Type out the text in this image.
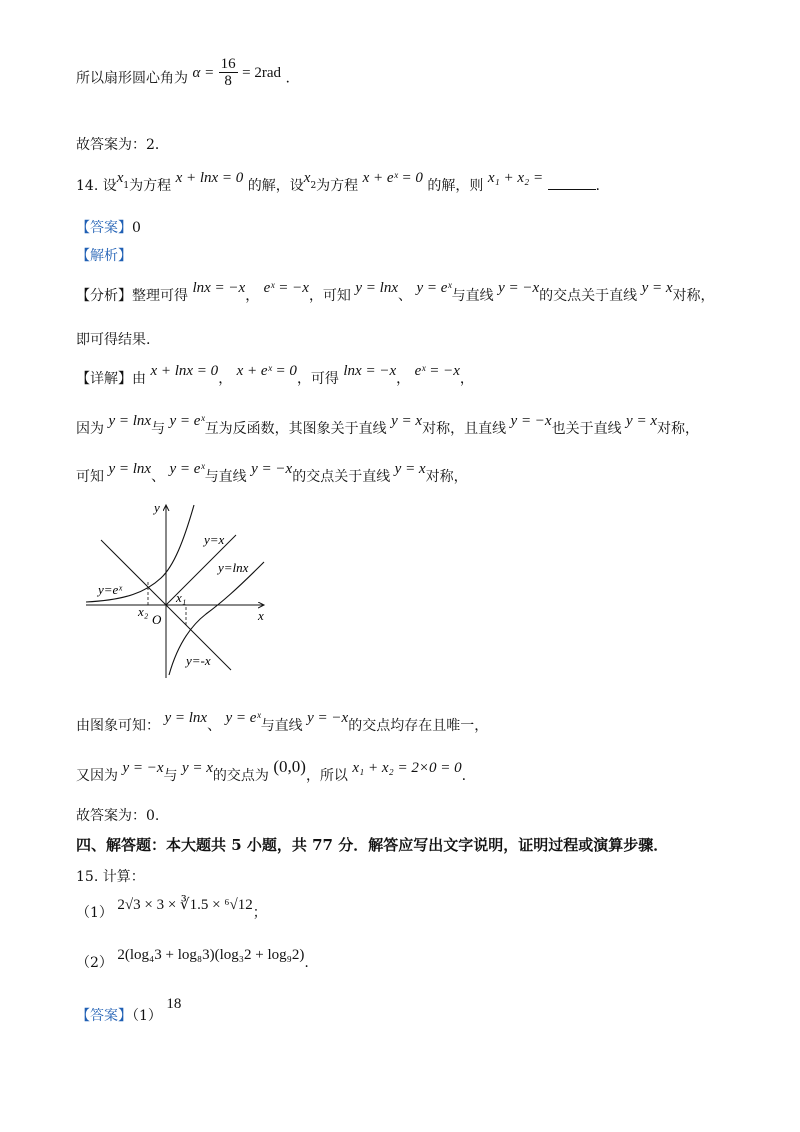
所以扇形圆心角为 $\alpha = \frac{16}{8} = 2rad$ .
故答案为：2．
14. 设$x_1$为方程 x + lnx = 0 的解，设$x_2$为方程 x + eˣ = 0 的解，则 x₁ + x₂ =	.
【答案】0
【解析】
【分析】整理可得 lnx = −x， eˣ = −x，可知 y = lnx、 y = eˣ与直线 y = −x的交点关于直线 y = x对称，
即可得结果.
【详解】由 x + lnx = 0， x + eˣ = 0，可得 lnx = −x， eˣ = −x，
因为 y = lnx与 y = eˣ互为反函数，其图象关于直线 y = x对称，且直线 y = −x也关于直线 y = x对称，
可知 y = lnx、 y = eˣ与直线 y = −x的交点关于直线 y = x对称，
y
x
O
y=x
y=lnx
y=eˣ
x₁
x₂
y=-x
由图象可知： y = lnx、 y = eˣ与直线 y = −x的交点均存在且唯一，
又因为 y = −x与 y = x的交点为 (0,0)，所以 x₁ + x₂ = 2×0 = 0.
故答案为：0.
四、解答题：本大题共 5 小题，共 77 分．解答应写出文字说明，证明过程或演算步骤．
15. 计算：
（1） 2√3 × 3 × ∛1.5 × ⁶√12；
（2） 2(log₄3 + log₈3)(log₃2 + log₉2).
【答案】（1） 18
